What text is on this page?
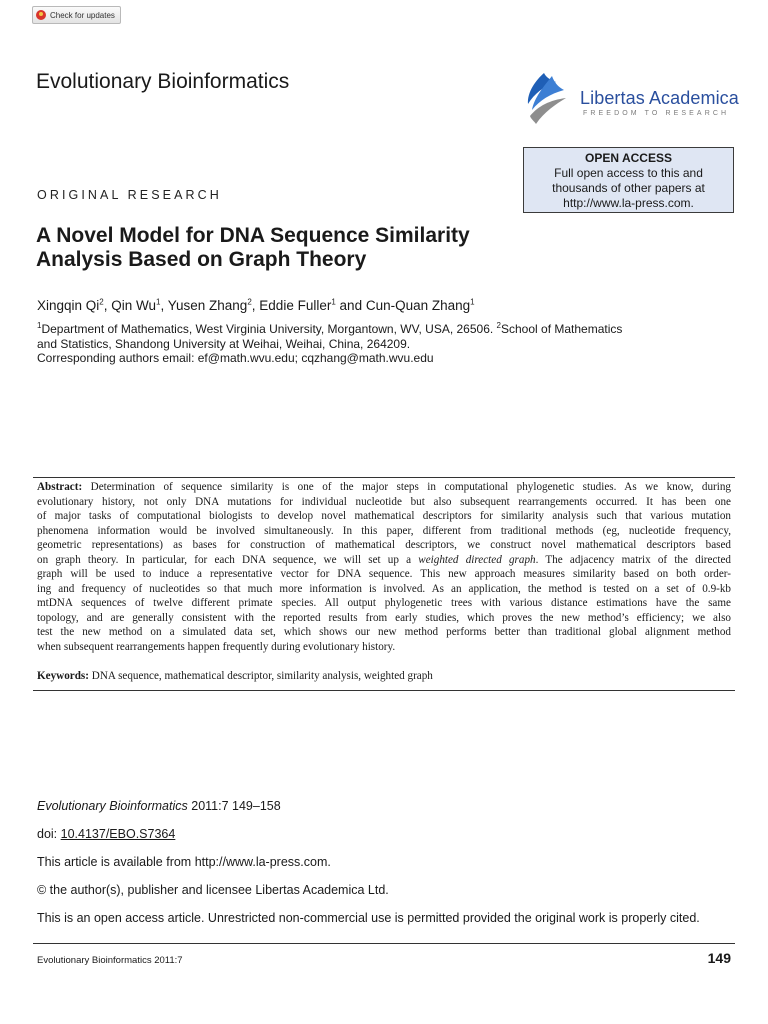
Check for updates
Evolutionary Bioinformatics
Libertas Academica
FREEDOM TO RESEARCH
OPEN ACCESS
Full open access to this and
thousands of other papers at
http://www.la-press.com.
ORIGINAL RESEARCH
A Novel Model for DNA Sequence Similarity
Analysis Based on Graph Theory
Xingqin Qi$^2$, Qin Wu$^1$, Yusen Zhang$^2$, Eddie Fuller$^1$ and Cun-Quan Zhang$^1$
$^1$Department of Mathematics, West Virginia University, Morgantown, WV, USA, 26506. $^2$School of Mathematics
and Statistics, Shandong University at Weihai, Weihai, China, 264209.
Corresponding authors email: ef@math.wvu.edu; cqzhang@math.wvu.edu
Abstract: Determination of sequence similarity is one of the major steps in computational phylogenetic studies. As we know, during
evolutionary history, not only DNA mutations for individual nucleotide but also subsequent rearrangements occurred. It has been one
of major tasks of computational biologists to develop novel mathematical descriptors for similarity analysis such that various mutation
phenomena information would be involved simultaneously. In this paper, different from traditional methods (eg, nucleotide frequency,
geometric representations) as bases for construction of mathematical descriptors, we construct novel mathematical descriptors based
on graph theory. In particular, for each DNA sequence, we will set up a weighted directed graph. The adjacency matrix of the directed
graph will be used to induce a representative vector for DNA sequence. This new approach measures similarity based on both order-
ing and frequency of nucleotides so that much more information is involved. As an application, the method is tested on a set of 0.9-kb
mtDNA sequences of twelve different primate species. All output phylogenetic trees with various distance estimations have the same
topology, and are generally consistent with the reported results from early studies, which proves the new method’s efficiency; we also
test the new method on a simulated data set, which shows our new method performs better than traditional global alignment method
when subsequent rearrangements happen frequently during evolutionary history.
Keywords: DNA sequence, mathematical descriptor, similarity analysis, weighted graph
Evolutionary Bioinformatics 2011:7 149–158
doi: 10.4137/EBO.S7364
This article is available from http://www.la-press.com.
© the author(s), publisher and licensee Libertas Academica Ltd.
This is an open access article. Unrestricted non-commercial use is permitted provided the original work is properly cited.
Evolutionary Bioinformatics 2011:7	149
